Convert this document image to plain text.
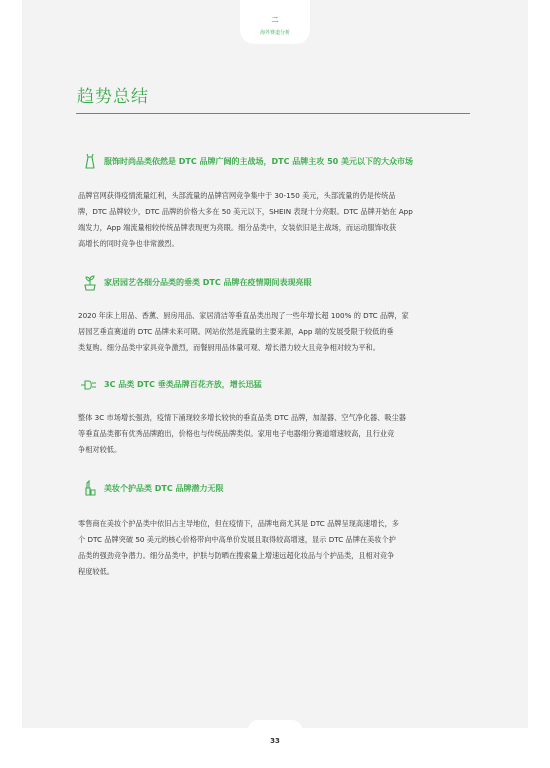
二
海外赛道分析
趋势总结
服饰时尚品类依然是 DTC 品牌广阔的主战场，DTC 品牌主攻 50 美元以下的大众市场
品牌官网获得疫情流量红利，头部流量的品牌官网竞争集中于 30-150 美元，头部流量的仍是传统品
牌，DTC 品牌较少，DTC 品牌的价格大多在 50 美元以下，SHEIN 表现十分亮眼。DTC 品牌开始在 App
端发力，App 端流量相较传统品牌表现更为亮眼。细分品类中，女装依旧是主战场，而运动服饰收获
高增长的同时竞争也非常激烈。
家居园艺各细分品类的垂类 DTC 品牌在疫情期间表现亮眼
2020 年床上用品、香薰、厨房用品、家居清洁等垂直品类出现了一些年增长超 100% 的 DTC 品牌，家
居园艺垂直赛道的 DTC 品牌未来可期。网站依然是流量的主要来源，App 端的发展受限于较低的垂
类复购。细分品类中家具竞争激烈，而餐厨用品体量可观、增长潜力较大且竞争相对较为平和。
3C 品类 DTC 垂类品牌百花齐放，增长迅猛
整体 3C 市场增长强劲，疫情下涌现较多增长较快的垂直品类 DTC 品牌，加湿器、空气净化器、吸尘器
等垂直品类都有优秀品牌跑出，价格也与传统品牌类似。家用电子电器细分赛道增速较高，且行业竞
争相对较低。
美妆个护品类 DTC 品牌潜力无限
零售商在美妆个护品类中依旧占主导地位，但在疫情下，品牌电商尤其是 DTC 品牌呈现高速增长，多
个 DTC 品牌突破 50 美元的核心价格带向中高单价发展且取得较高增速，显示 DTC 品牌在美妆个护
品类的强劲竞争潜力。细分品类中，护肤与防晒在搜索量上增速远超化妆品与个护品类，且相对竞争
程度较低。
33
